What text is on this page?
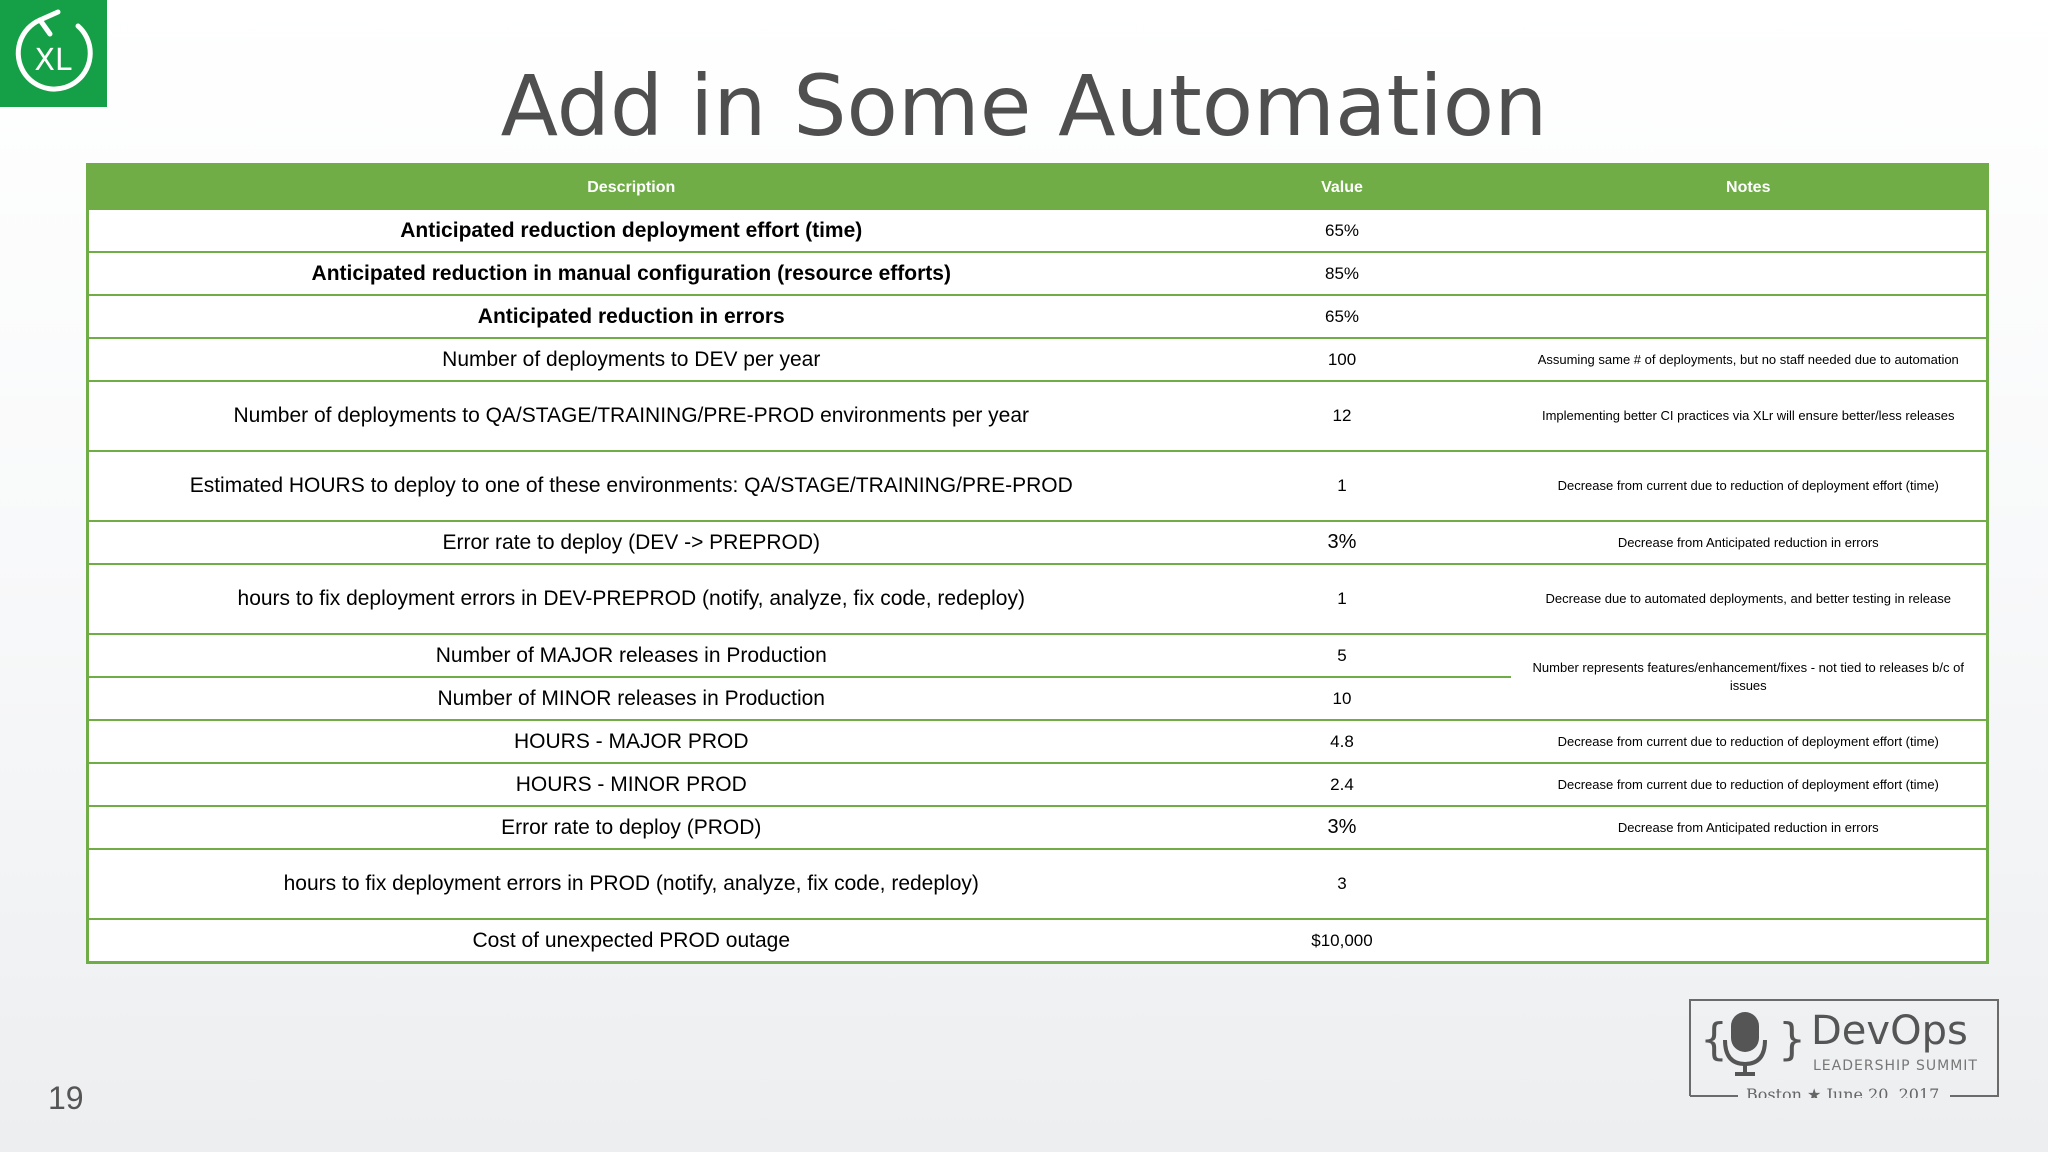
XL	Add in Some Automation
Description	Value	Notes
Anticipated reduction deployment effort (time)	65%	
Anticipated reduction in manual configuration (resource efforts)	85%	
Anticipated reduction in errors	65%	
Number of deployments to DEV per year	100	Assuming same # of deployments, but no staff needed due to automation
Number of deployments to QA/STAGE/TRAINING/PRE-PROD environments per year	12	Implementing better CI practices via XLr will ensure better/less releases
Estimated HOURS to deploy to one of these environments: QA/STAGE/TRAINING/PRE-PROD	1	Decrease from current due to reduction of deployment effort (time)
Error rate to deploy (DEV -> PREPROD)	3%	Decrease from Anticipated reduction in errors
hours to fix deployment errors in DEV-PREPROD (notify, analyze, fix code, redeploy)	1	Decrease due to automated deployments, and better testing in release
Number of MAJOR releases in Production	5	Number represents features/enhancement/fixes - not tied to releases b/c of issues
Number of MINOR releases in Production	10	
HOURS - MAJOR PROD	4.8	Decrease from current due to reduction of deployment effort (time)
HOURS - MINOR PROD	2.4	Decrease from current due to reduction of deployment effort (time)
Error rate to deploy (PROD)	3%	Decrease from Anticipated reduction in errors
hours to fix deployment errors in PROD (notify, analyze, fix code, redeploy)	3	
Cost of unexpected PROD outage	$10,000	
19
{ } DevOps
LEADERSHIP SUMMIT
Boston ★ June 20, 2017
